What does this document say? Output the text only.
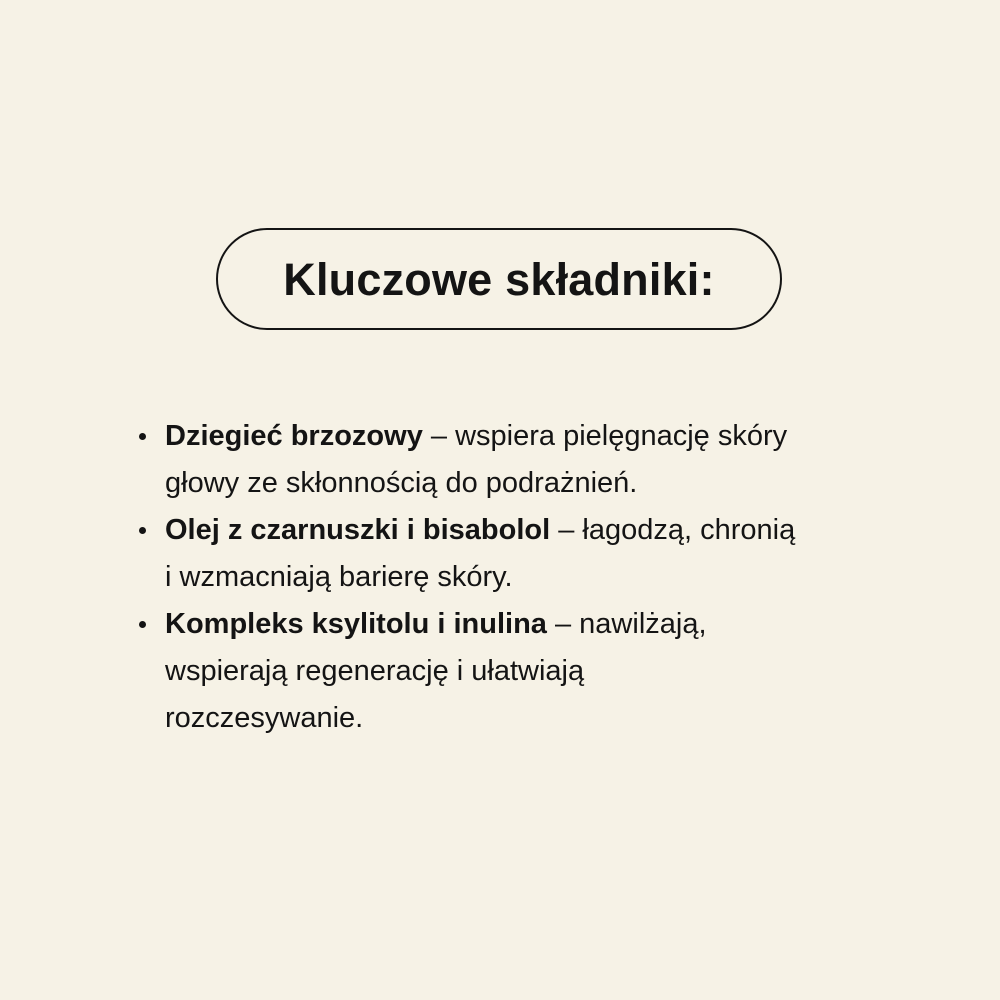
Kluczowe składniki:
Dziegieć brzozowy – wspiera pielęgnację skóry
głowy ze skłonnością do podrażnień.
Olej z czarnuszki i bisabolol – łagodzą, chronią
i wzmacniają barierę skóry.
Kompleks ksylitolu i inulina – nawilżają,
wspierają regenerację i ułatwiają
rozczesywanie.
